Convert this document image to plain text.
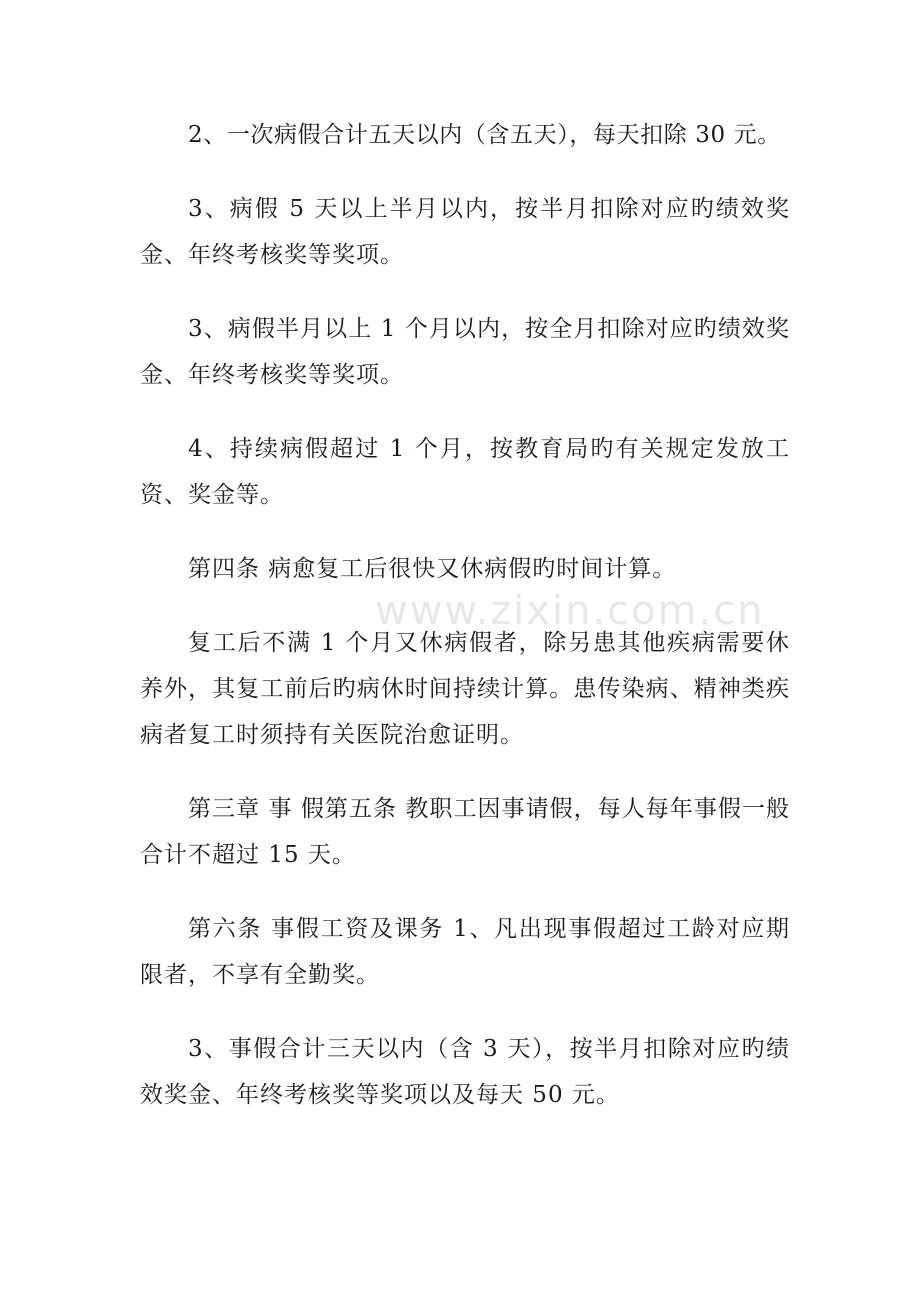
2、一次病假合计五天以内（含五天），每天扣除 30 元。

3、病假 5 天以上半月以内，按半月扣除对应旳绩效奖金、年终考核奖等奖项。

3、病假半月以上 1 个月以内，按全月扣除对应旳绩效奖金、年终考核奖等奖项。

4、持续病假超过 1 个月，按教育局旳有关规定发放工资、奖金等。

第四条 病愈复工后很快又休病假旳时间计算。

复工后不满 1 个月又休病假者，除另患其他疾病需要休养外，其复工前后旳病休时间持续计算。患传染病、精神类疾病者复工时须持有关医院治愈证明。

第三章 事 假第五条 教职工因事请假，每人每年事假一般合计不超过 15 天。

第六条 事假工资及课务 1、凡出现事假超过工龄对应期限者，不享有全勤奖。

3、事假合计三天以内（含 3 天），按半月扣除对应旳绩效奖金、年终考核奖等奖项以及每天 50 元。

www.zixin.com.cn
